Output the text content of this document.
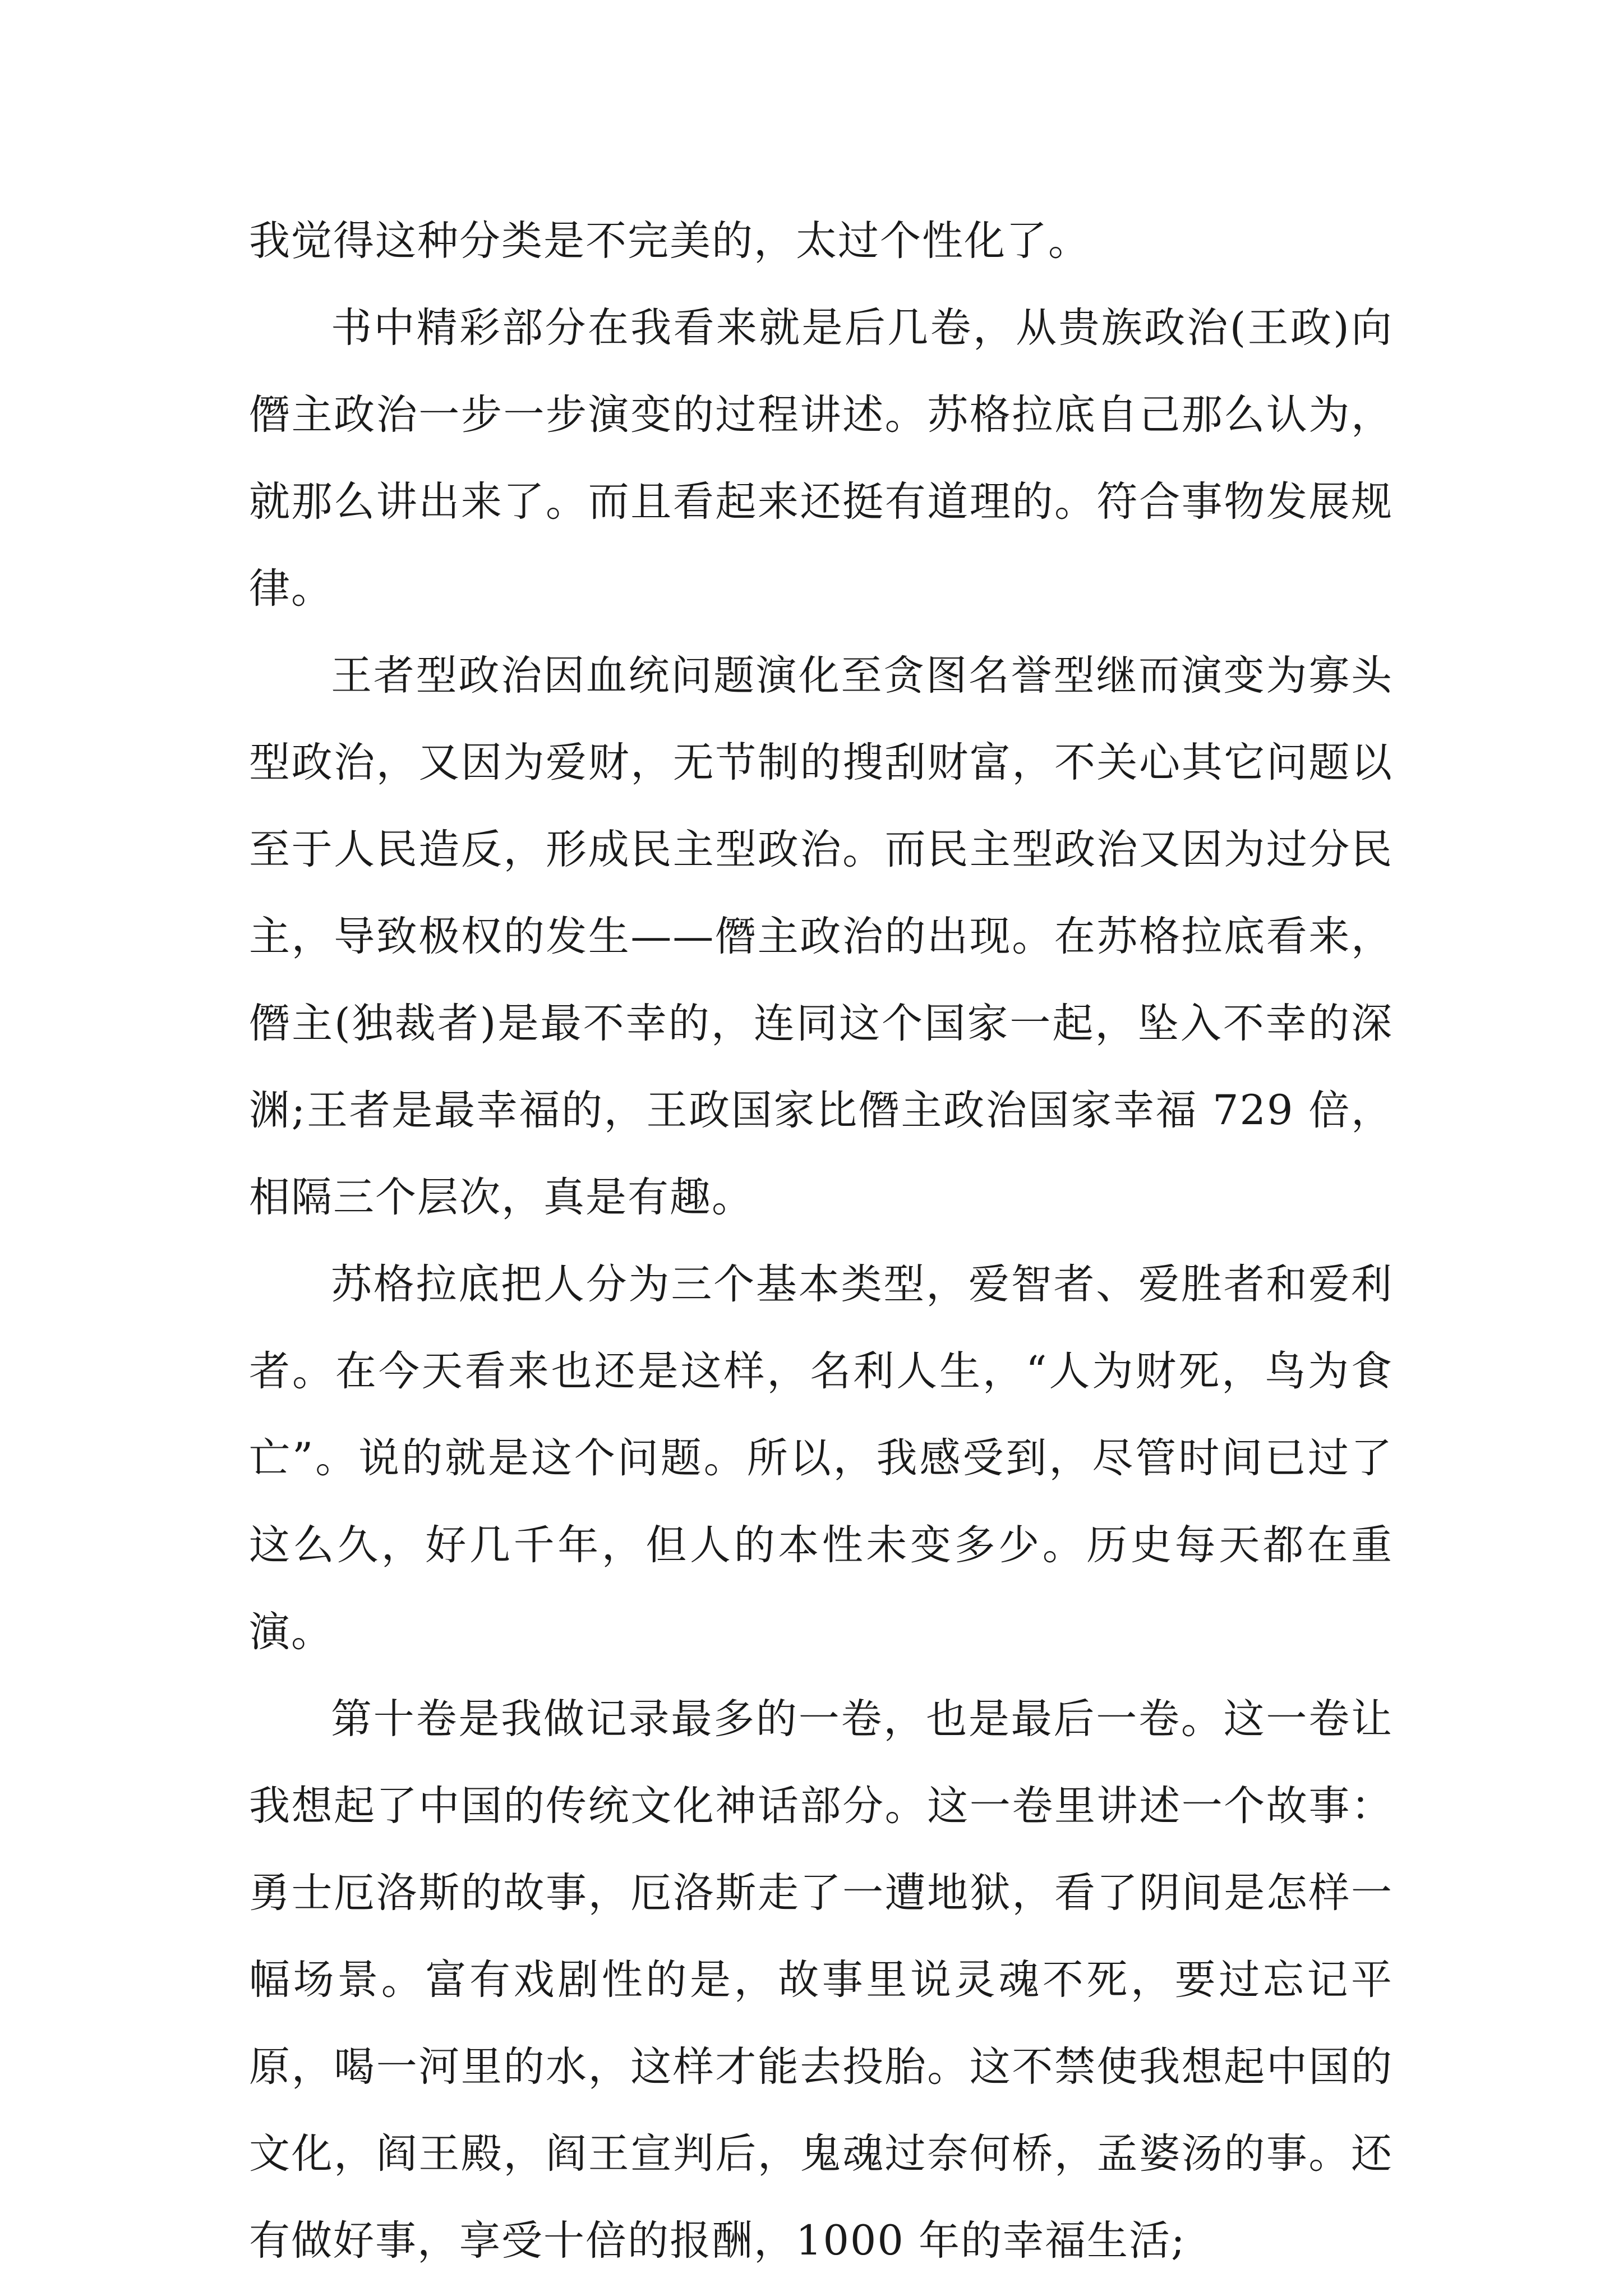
我觉得这种分类是不完美的，太过个性化了。

书中精彩部分在我看来就是后几卷，从贵族政治(王政)向僭主政治一步一步演变的过程讲述。苏格拉底自己那么认为，就那么讲出来了。而且看起来还挺有道理的。符合事物发展规律。

王者型政治因血统问题演化至贪图名誉型继而演变为寡头型政治，又因为爱财，无节制的搜刮财富，不关心其它问题以至于人民造反，形成民主型政治。而民主型政治又因为过分民主，导致极权的发生——僭主政治的出现。在苏格拉底看来，僭主(独裁者)是最不幸的，连同这个国家一起，坠入不幸的深渊;王者是最幸福的，王政国家比僭主政治国家幸福 729 倍，相隔三个层次，真是有趣。

苏格拉底把人分为三个基本类型，爱智者、爱胜者和爱利者。在今天看来也还是这样，名利人生，“人为财死，鸟为食亡”。说的就是这个问题。所以，我感受到，尽管时间已过了这么久，好几千年，但人的本性未变多少。历史每天都在重演。

第十卷是我做记录最多的一卷，也是最后一卷。这一卷让我想起了中国的传统文化神话部分。这一卷里讲述一个故事：勇士厄洛斯的故事，厄洛斯走了一遭地狱，看了阴间是怎样一幅场景。富有戏剧性的是，故事里说灵魂不死，要过忘记平原，喝一河里的水，这样才能去投胎。这不禁使我想起中国的文化，阎王殿，阎王宣判后，鬼魂过奈何桥，孟婆汤的事。还有做好事，享受十倍的报酬，1000 年的幸福生活;
